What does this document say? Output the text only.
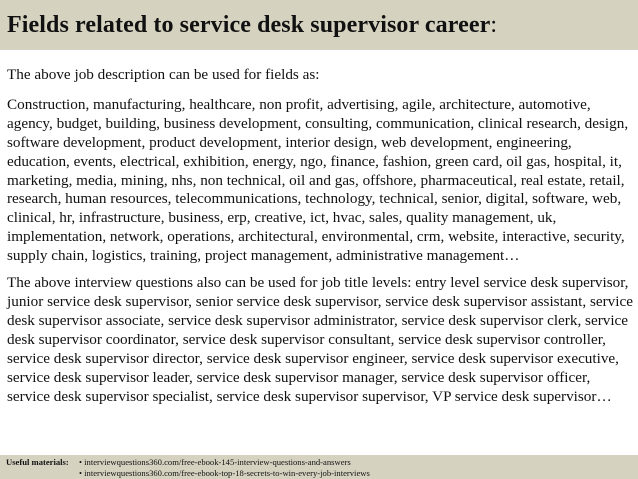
Fields related to service desk supervisor career :

The above job description can be used for fields as:

Construction, manufacturing, healthcare, non profit, advertising, agile, architecture, automotive, agency, budget, building, business development, consulting, communication, clinical research, design, software development, product development, interior design, web development, engineering, education, events, electrical, exhibition, energy, ngo, finance, fashion, green card, oil gas, hospital, it, marketing, media, mining, nhs, non technical, oil and gas, offshore, pharmaceutical, real estate, retail, research, human resources, telecommunications, technology, technical, senior, digital, software, web, clinical, hr, infrastructure, business, erp, creative, ict, hvac, sales, quality management, uk, implementation, network, operations, architectural, environmental, crm, website, interactive, security, supply chain, logistics, training, project management, administrative management…

The above interview questions also can be used for job title levels: entry level service desk supervisor, junior service desk supervisor, senior service desk supervisor, service desk supervisor assistant, service desk supervisor associate, service desk supervisor administrator, service desk supervisor clerk, service desk supervisor coordinator, service desk supervisor consultant, service desk supervisor controller, service desk supervisor director, service desk supervisor engineer, service desk supervisor executive, service desk supervisor leader, service desk supervisor manager, service desk supervisor officer, service desk supervisor specialist, service desk supervisor supervisor, VP service desk supervisor…

Useful materials:	• interviewquestions360.com/free-ebook-145-interview-questions-and-answers
• interviewquestions360.com/free-ebook-top-18-secrets-to-win-every-job-interviews
